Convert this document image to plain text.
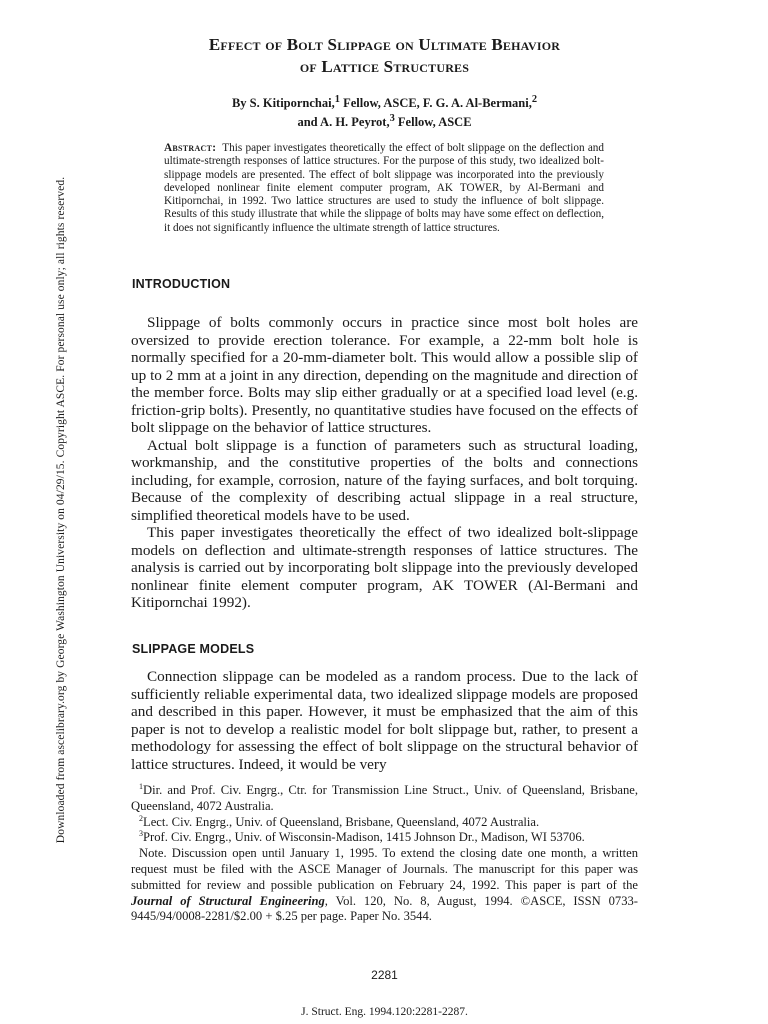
Downloaded from ascelibrary.org by George Washington University on 04/29/15. Copyright ASCE. For personal use only; all rights reserved.
Effect of Bolt Slippage on Ultimate Behavior
of Lattice Structures
By S. Kitipornchai,$^1$ Fellow, ASCE, F. G. A. Al-Bermani,$^2$
and A. H. Peyrot,$^3$ Fellow, ASCE
Abstract: This paper investigates theoretically the effect of bolt slippage on the deflection and ultimate-strength responses of lattice structures. For the purpose of this study, two idealized bolt-slippage models are presented. The effect of bolt slippage was incorporated into the previously developed nonlinear finite element computer program, AK TOWER, by Al-Bermani and Kitipornchai, in 1992. Two lattice structures are used to study the influence of bolt slippage. Results of this study illustrate that while the slippage of bolts may have some effect on deflection, it does not significantly influence the ultimate strength of lattice structures.
INTRODUCTION

Slippage of bolts commonly occurs in practice since most bolt holes are oversized to provide erection tolerance. For example, a 22-mm bolt hole is normally specified for a 20-mm-diameter bolt. This would allow a possible slip of up to 2 mm at a joint in any direction, depending on the magnitude and direction of the member force. Bolts may slip either gradually or at a specified load level (e.g. friction-grip bolts). Presently, no quantitative studies have focused on the effects of bolt slippage on the behavior of lattice structures.

Actual bolt slippage is a function of parameters such as structural loading, workmanship, and the constitutive properties of the bolts and connections including, for example, corrosion, nature of the faying surfaces, and bolt torquing. Because of the complexity of describing actual slippage in a real structure, simplified theoretical models have to be used.

This paper investigates theoretically the effect of two idealized bolt-slippage models on deflection and ultimate-strength responses of lattice structures. The analysis is carried out by incorporating bolt slippage into the previously developed nonlinear finite element computer program, AK TOWER (Al-Bermani and Kitipornchai 1992).

SLIPPAGE MODELS

Connection slippage can be modeled as a random process. Due to the lack of sufficiently reliable experimental data, two idealized slippage models are proposed and described in this paper. However, it must be emphasized that the aim of this paper is not to develop a realistic model for bolt slippage but, rather, to present a methodology for assessing the effect of bolt slippage on the structural behavior of lattice structures. Indeed, it would be very

$^1$Dir. and Prof. Civ. Engrg., Ctr. for Transmission Line Struct., Univ. of Queensland, Brisbane, Queensland, 4072 Australia.

$^2$Lect. Civ. Engrg., Univ. of Queensland, Brisbane, Queensland, 4072 Australia.

$^3$Prof. Civ. Engrg., Univ. of Wisconsin-Madison, 1415 Johnson Dr., Madison, WI 53706.

Note. Discussion open until January 1, 1995. To extend the closing date one month, a written request must be filed with the ASCE Manager of Journals. The manuscript for this paper was submitted for review and possible publication on February 24, 1992. This paper is part of the Journal of Structural Engineering, Vol. 120, No. 8, August, 1994. ©ASCE, ISSN 0733-9445/94/0008-2281/$2.00 + $.25 per page. Paper No. 3544.

2281
J. Struct. Eng. 1994.120:2281-2287.
